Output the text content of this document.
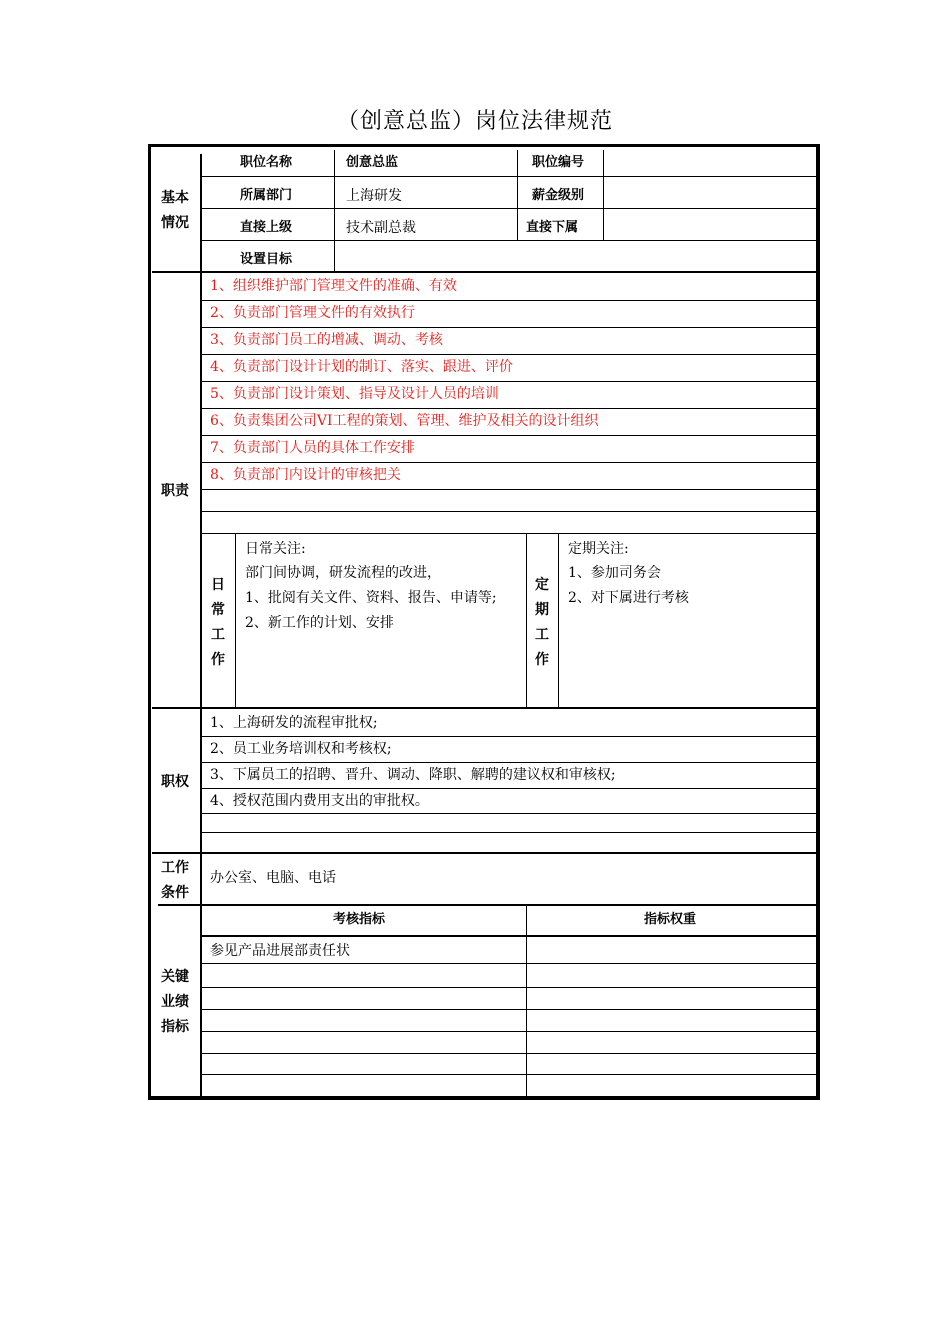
（创意总监）岗位法律规范
基本
情况
职位名称	创意总监	职位编号
所属部门	上海研发	薪金级别
直接上级	技术副总裁	直接下属
设置目标
职责
1、组织维护部门管理文件的准确、有效
2、负责部门管理文件的有效执行
3、负责部门员工的增减、调动、考核
4、负责部门设计计划的制订、落实、跟进、评价
5、负责部门设计策划、指导及设计人员的培训
6、负责集团公司VI工程的策划、管理、维护及相关的设计组织
7、负责部门人员的具体工作安排
8、负责部门内设计的审核把关
日
常
工
作
日常关注:
部门间协调，研发流程的改进，
1、批阅有关文件、资料、报告、申请等;
2、新工作的计划、安排
定
期
工
作
定期关注:
1、参加司务会
2、对下属进行考核
职权
1、上海研发的流程审批权;
2、员工业务培训权和考核权;
3、下属员工的招聘、晋升、调动、降职、解聘的建议权和审核权;
4、授权范围内费用支出的审批权。
工作
条件
办公室、电脑、电话
关键
业绩
指标
考核指标	指标权重
参见产品进展部责任状
